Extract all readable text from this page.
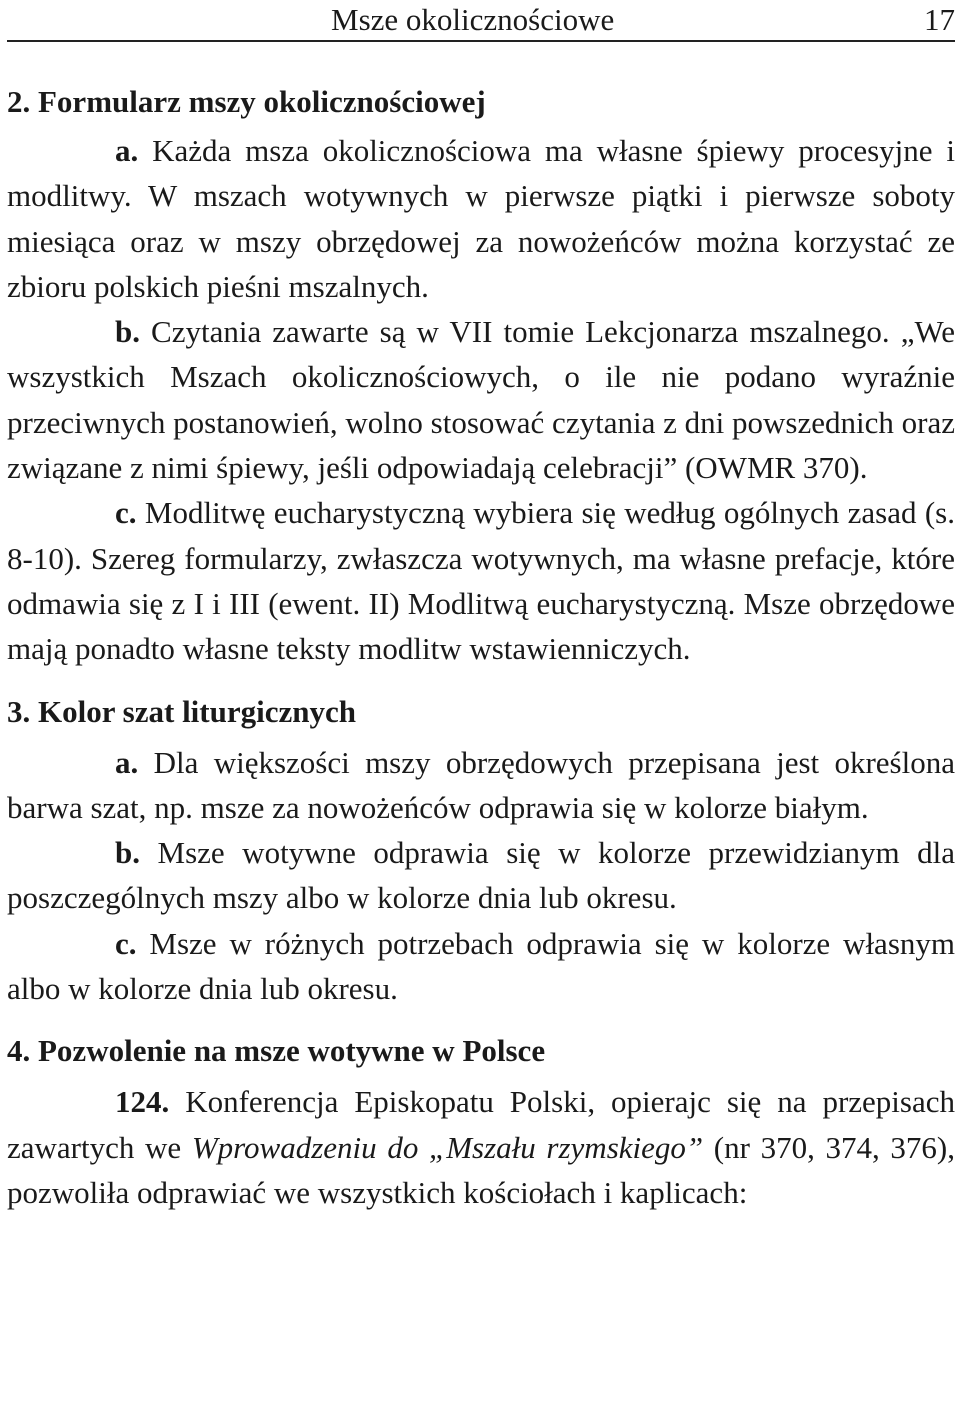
Msze okolicznościowe	17
2. Formularz mszy okolicznościowej

a. Każda msza okolicznościowa ma własne śpiewy procesyjne i modlitwy. W mszach wotywnych w pierwsze piątki i pierwsze soboty miesiąca oraz w mszy obrzędowej za nowożeńców można korzystać ze zbioru polskich pieśni mszalnych.

b. Czytania zawarte są w VII tomie Lekcjonarza mszalnego. „We wszystkich Mszach okolicznościowych, o ile nie podano wyraźnie przeciwnych postanowień, wolno stosować czytania z dni powszednich oraz związane z nimi śpiewy, jeśli odpowiadają celebracji” (OWMR 370).

c. Modlitwę eucharystyczną wybiera się według ogólnych zasad (s. 8-10). Szereg formularzy, zwłaszcza wotywnych, ma własne prefacje, które odmawia się z I i III (ewent. II) Modlitwą eucharystyczną. Msze obrzędowe mają ponadto własne teksty modlitw wstawienniczych.

3. Kolor szat liturgicznych

a. Dla większości mszy obrzędowych przepisana jest określona barwa szat, np. msze za nowożeńców odprawia się w kolorze białym.

b. Msze wotywne odprawia się w kolorze przewidzianym dla poszczególnych mszy albo w kolorze dnia lub okresu.

c. Msze w różnych potrzebach odprawia się w kolorze własnym albo w kolorze dnia lub okresu.

4. Pozwolenie na msze wotywne w Polsce

124. Konferencja Episkopatu Polski, opierajc się na przepisach zawartych we Wprowadzeniu do „Mszału rzymskiego” (nr 370, 374, 376), pozwoliła odprawiać we wszystkich kościołach i kaplicach:
